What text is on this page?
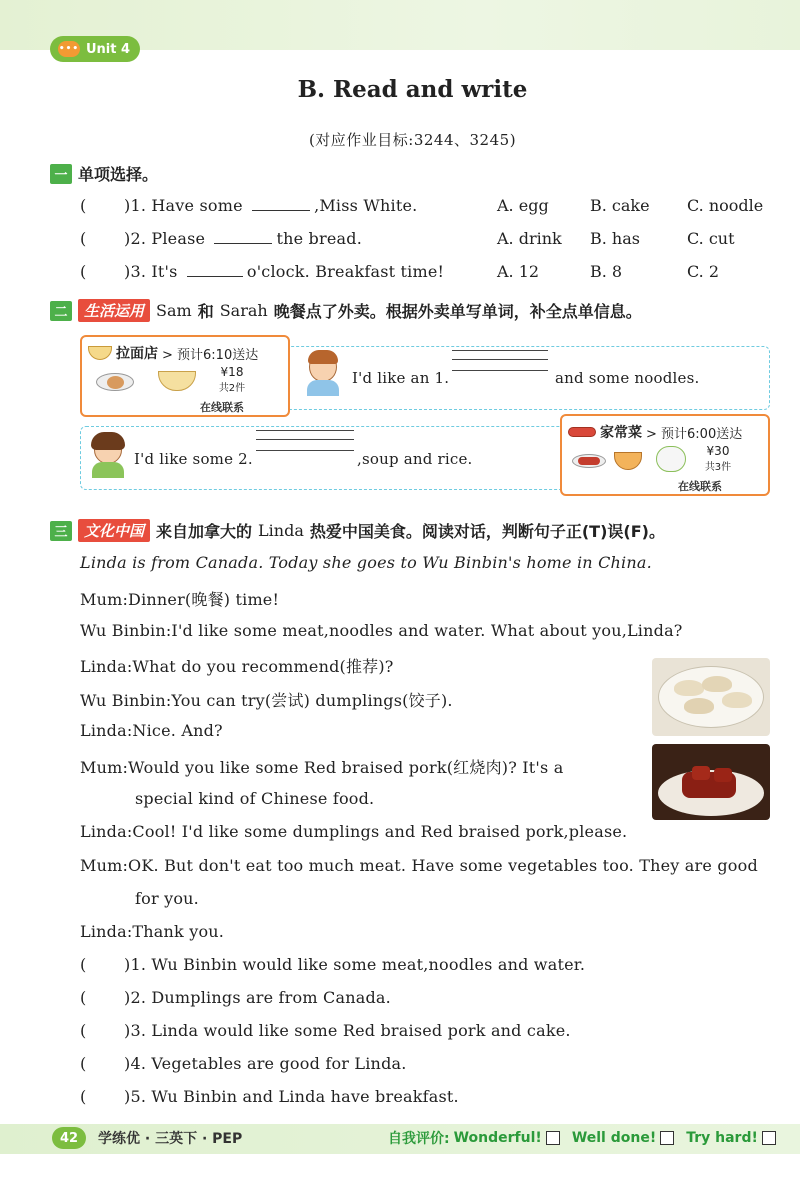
••• Unit 4
B. Read and write
(对应作业目标:3244、3245)
一 单项选择。
()1. Have some	,Miss White.	A. egg	B. cake C. noodle
()2. Please	the bread.	A. drink B. has	C. cut
()3. It's	o'clock. Breakfast time!	A. 12	B. 8	C. 2
二	生活运用 Sam 和 Sarah 晚餐点了外卖。根据外卖单写单词，补全点单信息。
拉面店 > 预计6:10送达
¥18
共2件
在线联系
I'd like an 1.	and some noodles.
I'd like some 2.	,soup and rice.
家常菜 > 预计6:00送达
¥30
共3件
在线联系
三	文化中国 来自加拿大的 Linda 热爱中国美食。阅读对话，判断句子正(T)误(F)。
Linda is from Canada. Today she goes to Wu Binbin's home in China.
Mum:Dinner(晚餐) time!
Wu Binbin:I'd like some meat,noodles and water. What about you,Linda?
Linda:What do you recommend(推荐)?
Wu Binbin:You can try(尝试) dumplings(饺子).
Linda:Nice. And?
Mum:Would you like some Red braised pork(红烧肉)? It's a
special kind of Chinese food.
Linda:Cool! I'd like some dumplings and Red braised pork,please.
Mum:OK. But don't eat too much meat. Have some vegetables too. They are good
for you.
Linda:Thank you.
()1. Wu Binbin would like some meat,noodles and water.
()2. Dumplings are from Canada.
()3. Linda would like some Red braised pork and cake.
()4. Vegetables are good for Linda.
()5. Wu Binbin and Linda have breakfast.
42	学练优 · 三英下 · PEP	自我评价: Wonderful! Well done! Try hard!
